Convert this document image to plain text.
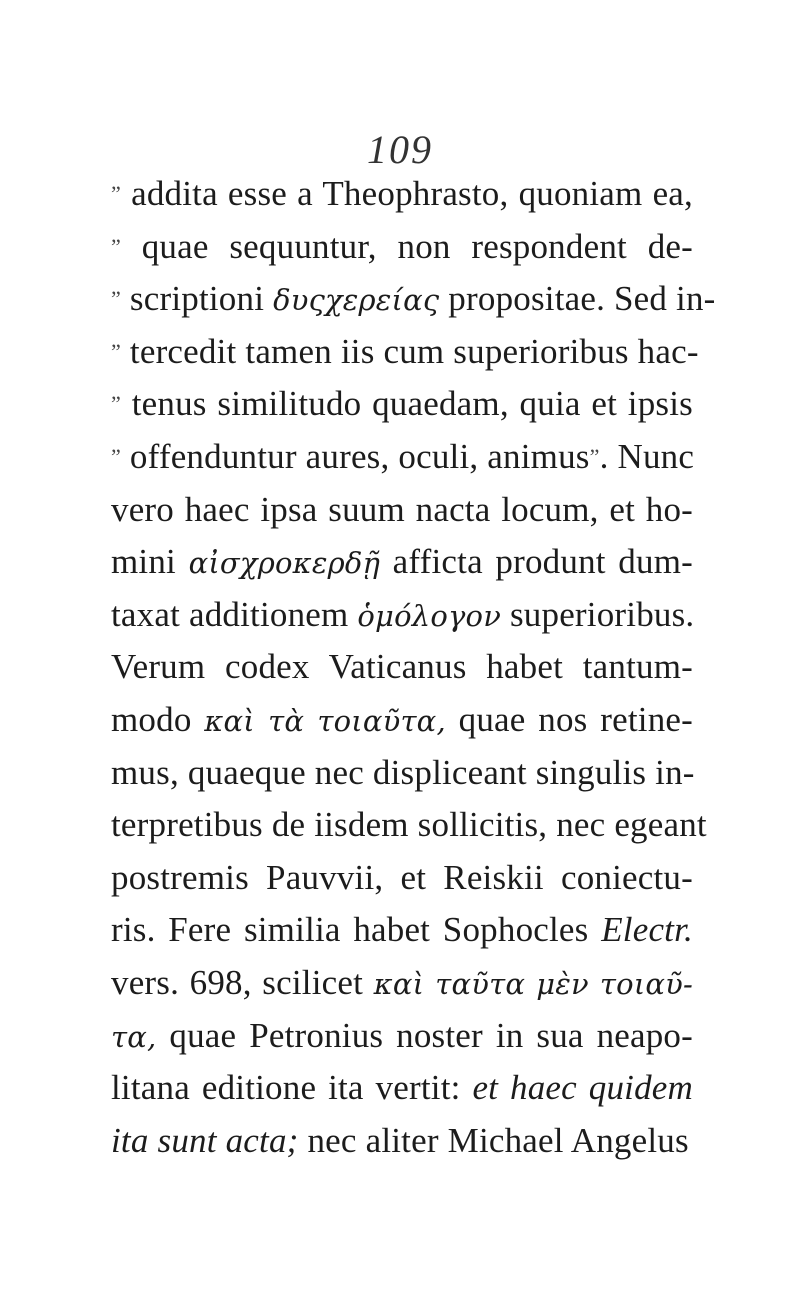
109
” addita esse a Theophrasto, quoniam ea,
” quae sequuntur, non respondent de-
” scriptioni δυςχερείας propositae. Sed in-
” tercedit tamen iis cum superioribus hac-
” tenus similitudo quaedam, quia et ipsis
” offenduntur aures, oculi, animus”. Nunc
vero haec ipsa suum nacta locum, et ho-
mini αἰσχροκερδῇ afficta produnt dum-
taxat additionem ὁμόλογον superioribus.
Verum codex Vaticanus habet tantum-
modo καὶ τὰ τοιαῦτα, quae nos retine-
mus, quaeque nec displiceant singulis in-
terpretibus de iisdem sollicitis, nec egeant
postremis Pauvvii, et Reiskii coniectu-
ris. Fere similia habet Sophocles Electr.
vers. 698, scilicet καὶ ταῦτα μὲν τοιαῦ-
τα, quae Petronius noster in sua neapo-
litana editione ita vertit: et haec quidem
ita sunt acta; nec aliter Michael Angelus
